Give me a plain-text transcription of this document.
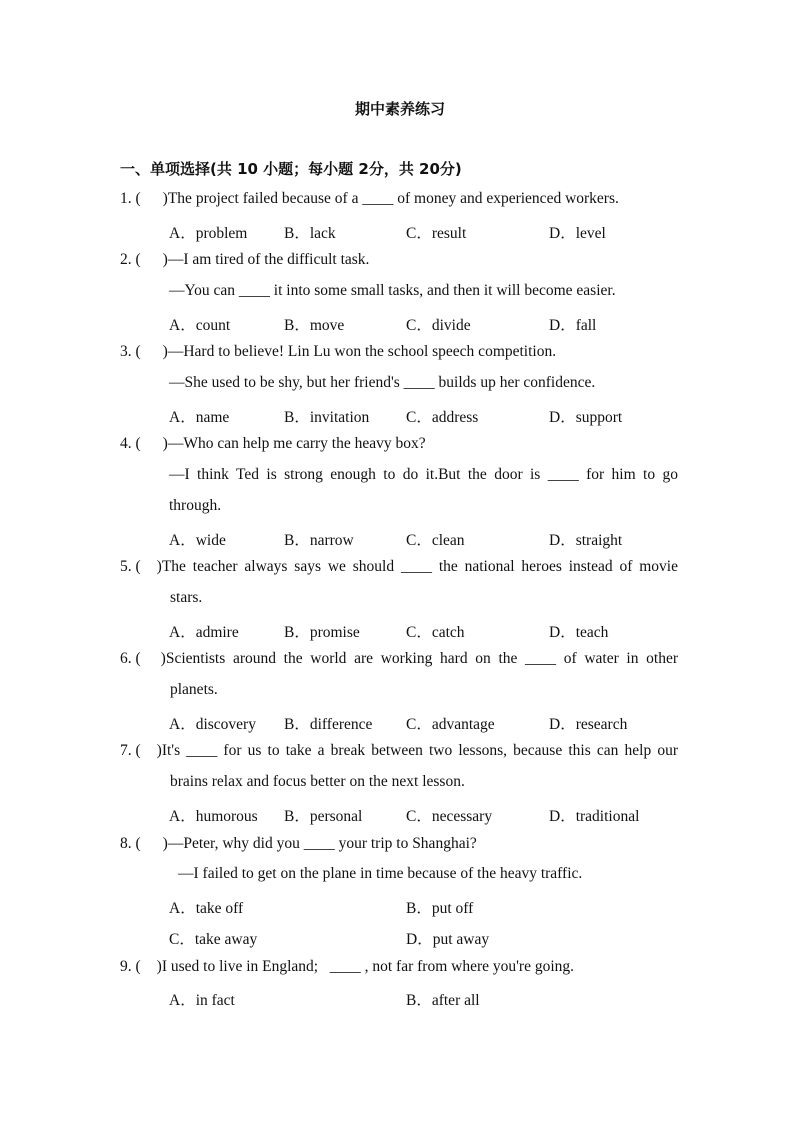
期中素养练习
一、单项选择(共 10 小题；每小题 2分，共 20分)
1. ( )The project failed because of a ____ of money and experienced workers.
A．problem B．lack	C．result	D．level
2. ( )—I am tired of the difficult task.
—You can ____ it into some small tasks, and then it will become easier.
A．count	B．move	C．divide	D．fall
3. ( )—Hard to believe! Lin Lu won the school speech competition.
—She used to be shy, but her friend's ____ builds up her confidence.
A．name	B．invitation C．address	D．support
4. ( )—Who can help me carry the heavy box?
—I think Ted is strong enough to do it.But the door is ____ for him to go
through.
A．wide	B．narrow	C．clean	D．straight
5. ( ) The teacher always says we should ____ the national heroes instead of movie
stars.
A．admire	B．promise	C．catch	D．teach
6. ( ) Scientists around the world are working hard on the ____ of water in other
planets.
A．discovery B．difference C．advantage	D．research
7. ( ) It's ____ for us to take a break between two lessons, because this can help our
brains relax and focus better on the next lesson.
A．humorous B．personal	C．necessary	D．traditional
8. ( )—Peter, why did you ____ your trip to Shanghai?
—I failed to get on the plane in time because of the heavy traffic.
A．take off	B．put off
C．take away	D．put away
9. ( )I used to live in England;   ____ , not far from where you're going.
A．in fact	B．after all
